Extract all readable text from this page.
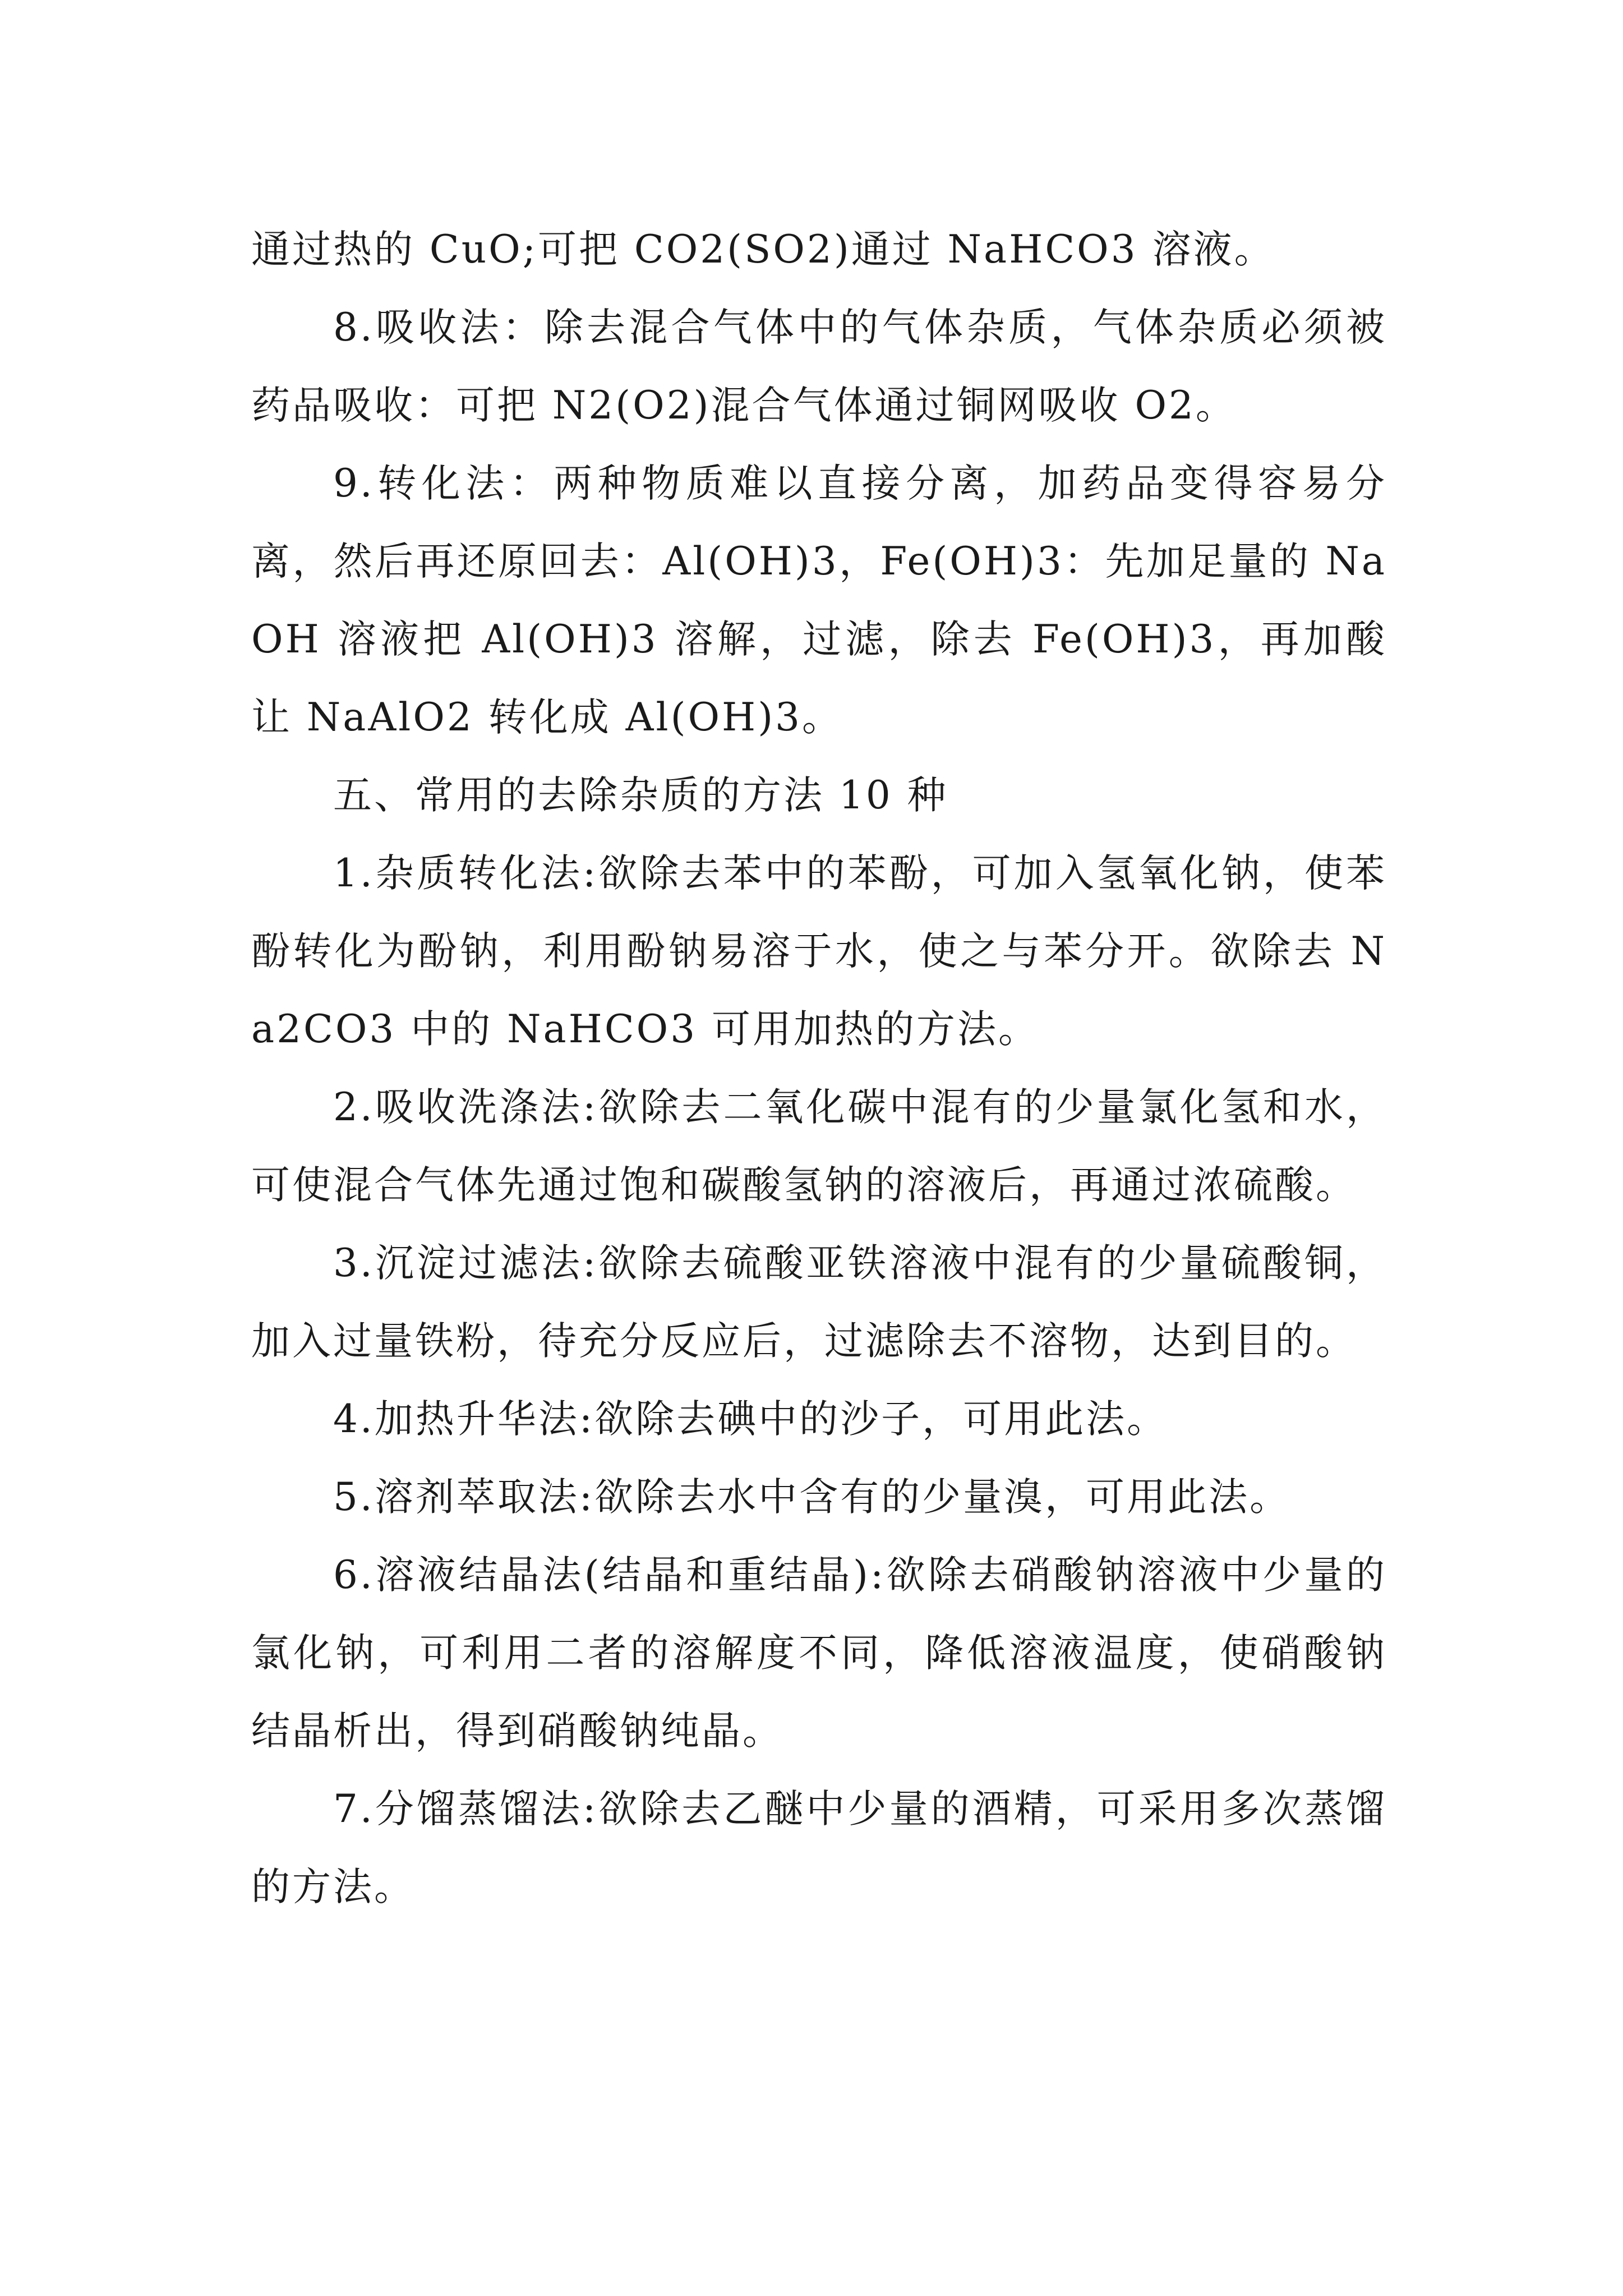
通过热的 CuO;可把 CO2(SO2)通过 NaHCO3 溶液。

8.吸收法：除去混合气体中的气体杂质，气体杂质必须被药品吸收：可把 N2(O2)混合气体通过铜网吸收 O2。

9.转化法：两种物质难以直接分离，加药品变得容易分离，然后再还原回去：Al(OH)3，Fe(OH)3：先加足量的 NaOH 溶液把 Al(OH)3 溶解，过滤，除去 Fe(OH)3，再加酸让 NaAlO2 转化成 Al(OH)3。

五、常用的去除杂质的方法 10 种

1.杂质转化法:欲除去苯中的苯酚，可加入氢氧化钠，使苯酚转化为酚钠，利用酚钠易溶于水，使之与苯分开。欲除去 Na2CO3 中的 NaHCO3 可用加热的方法。

2.吸收洗涤法:欲除去二氧化碳中混有的少量氯化氢和水，可使混合气体先通过饱和碳酸氢钠的溶液后，再通过浓硫酸。

3.沉淀过滤法:欲除去硫酸亚铁溶液中混有的少量硫酸铜，加入过量铁粉，待充分反应后，过滤除去不溶物，达到目的。

4.加热升华法:欲除去碘中的沙子，可用此法。

5.溶剂萃取法:欲除去水中含有的少量溴，可用此法。

6.溶液结晶法(结晶和重结晶):欲除去硝酸钠溶液中少量的氯化钠，可利用二者的溶解度不同，降低溶液温度，使硝酸钠结晶析出，得到硝酸钠纯晶。

7.分馏蒸馏法:欲除去乙醚中少量的酒精，可采用多次蒸馏的方法。
